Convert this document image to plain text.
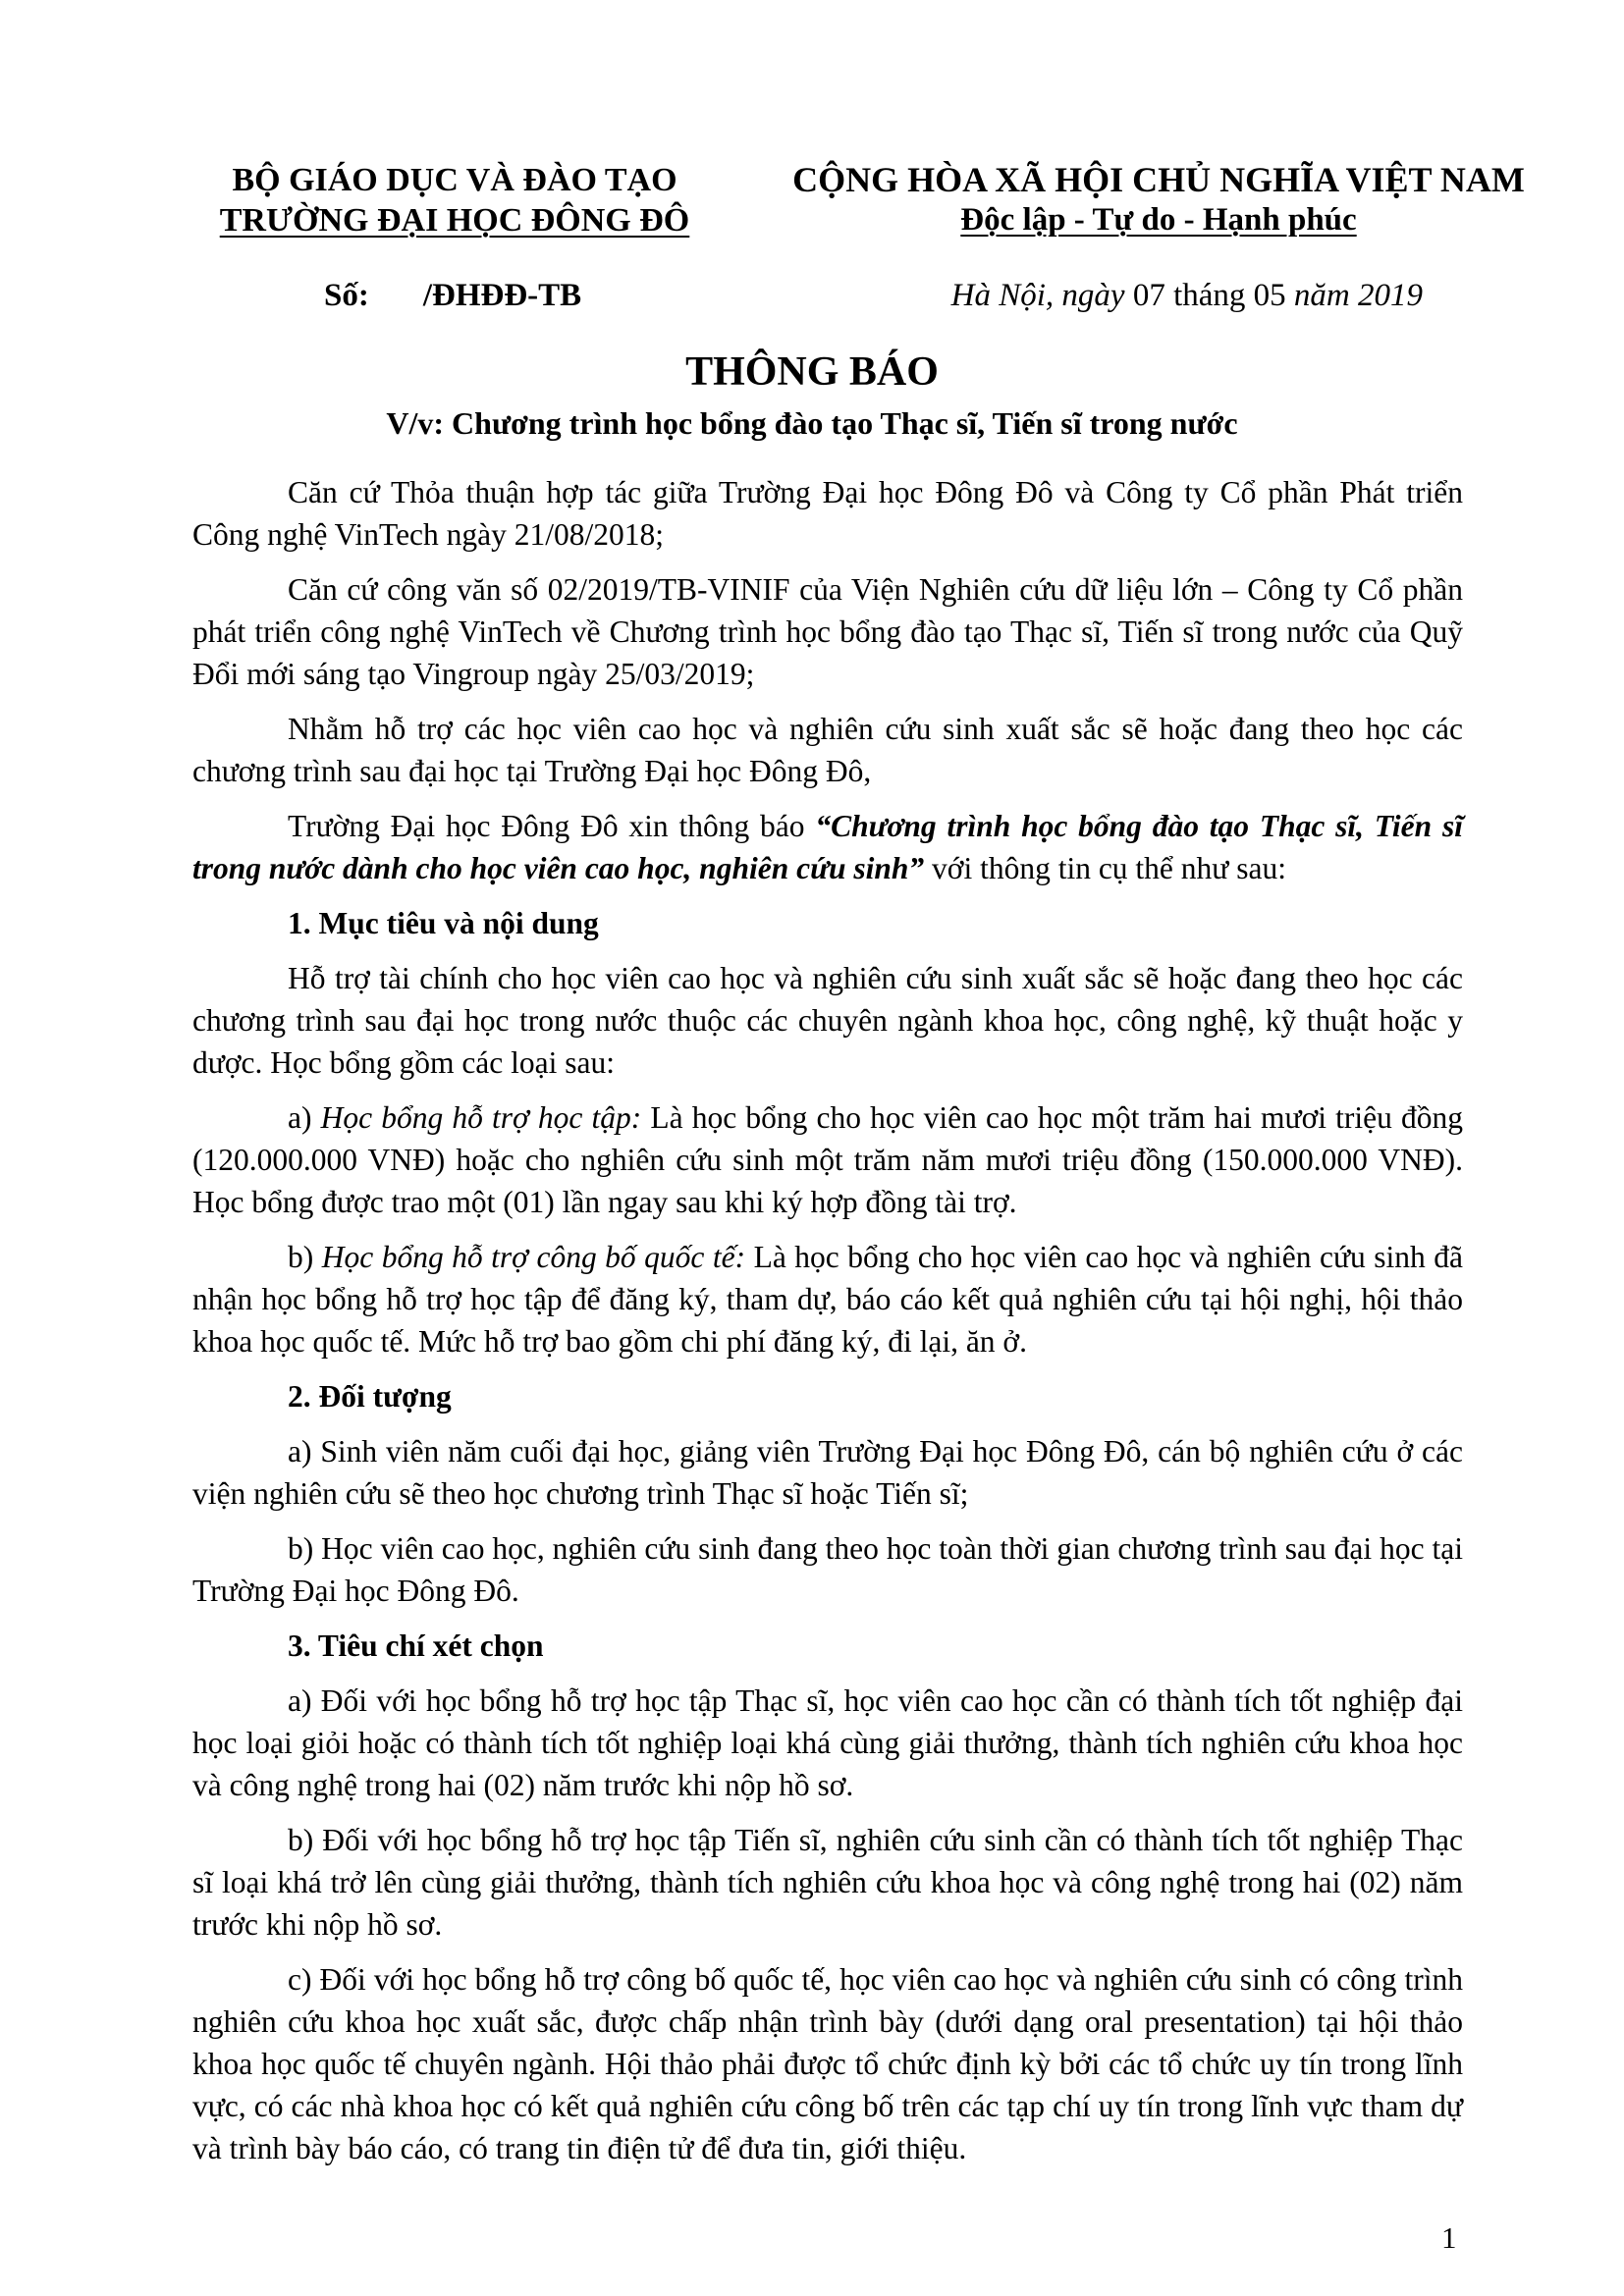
BỘ GIÁO DỤC VÀ ĐÀO TẠO
TRƯỜNG ĐẠI HỌC ĐÔNG ĐÔ
CỘNG HÒA XÃ HỘI CHỦ NGHĨA VIỆT NAM
Độc lập - Tự do - Hạnh phúc
Số: /ĐHĐĐ-TB	Hà Nội, ngày 07 tháng 05 năm 2019
THÔNG BÁO
V/v: Chương trình học bổng đào tạo Thạc sĩ, Tiến sĩ trong nước

Căn cứ Thỏa thuận hợp tác giữa Trường Đại học Đông Đô và Công ty Cổ phần Phát triển Công nghệ VinTech ngày 21/08/2018;

Căn cứ công văn số 02/2019/TB-VINIF của Viện Nghiên cứu dữ liệu lớn – Công ty Cổ phần phát triển công nghệ VinTech về Chương trình học bổng đào tạo Thạc sĩ, Tiến sĩ trong nước của Quỹ Đổi mới sáng tạo Vingroup ngày 25/03/2019;

Nhằm hỗ trợ các học viên cao học và nghiên cứu sinh xuất sắc sẽ hoặc đang theo học các chương trình sau đại học tại Trường Đại học Đông Đô,

Trường Đại học Đông Đô xin thông báo “Chương trình học bổng đào tạo Thạc sĩ, Tiến sĩ trong nước dành cho học viên cao học, nghiên cứu sinh” với thông tin cụ thể như sau:

1. Mục tiêu và nội dung

Hỗ trợ tài chính cho học viên cao học và nghiên cứu sinh xuất sắc sẽ hoặc đang theo học các chương trình sau đại học trong nước thuộc các chuyên ngành khoa học, công nghệ, kỹ thuật hoặc y dược. Học bổng gồm các loại sau:

a) Học bổng hỗ trợ học tập: Là học bổng cho học viên cao học một trăm hai mươi triệu đồng (120.000.000 VNĐ) hoặc cho nghiên cứu sinh một trăm năm mươi triệu đồng (150.000.000 VNĐ). Học bổng được trao một (01) lần ngay sau khi ký hợp đồng tài trợ.

b) Học bổng hỗ trợ công bố quốc tế: Là học bổng cho học viên cao học và nghiên cứu sinh đã nhận học bổng hỗ trợ học tập để đăng ký, tham dự, báo cáo kết quả nghiên cứu tại hội nghị, hội thảo khoa học quốc tế. Mức hỗ trợ bao gồm chi phí đăng ký, đi lại, ăn ở.

2. Đối tượng

a) Sinh viên năm cuối đại học, giảng viên Trường Đại học Đông Đô, cán bộ nghiên cứu ở các viện nghiên cứu sẽ theo học chương trình Thạc sĩ hoặc Tiến sĩ;

b) Học viên cao học, nghiên cứu sinh đang theo học toàn thời gian chương trình sau đại học tại Trường Đại học Đông Đô.

3. Tiêu chí xét chọn

a) Đối với học bổng hỗ trợ học tập Thạc sĩ, học viên cao học cần có thành tích tốt nghiệp đại học loại giỏi hoặc có thành tích tốt nghiệp loại khá cùng giải thưởng, thành tích nghiên cứu khoa học và công nghệ trong hai (02) năm trước khi nộp hồ sơ.

b) Đối với học bổng hỗ trợ học tập Tiến sĩ, nghiên cứu sinh cần có thành tích tốt nghiệp Thạc sĩ loại khá trở lên cùng giải thưởng, thành tích nghiên cứu khoa học và công nghệ trong hai (02) năm trước khi nộp hồ sơ.

c) Đối với học bổng hỗ trợ công bố quốc tế, học viên cao học và nghiên cứu sinh có công trình nghiên cứu khoa học xuất sắc, được chấp nhận trình bày (dưới dạng oral presentation) tại hội thảo khoa học quốc tế chuyên ngành. Hội thảo phải được tổ chức định kỳ bởi các tổ chức uy tín trong lĩnh vực, có các nhà khoa học có kết quả nghiên cứu công bố trên các tạp chí uy tín trong lĩnh vực tham dự và trình bày báo cáo, có trang tin điện tử để đưa tin, giới thiệu.

1
